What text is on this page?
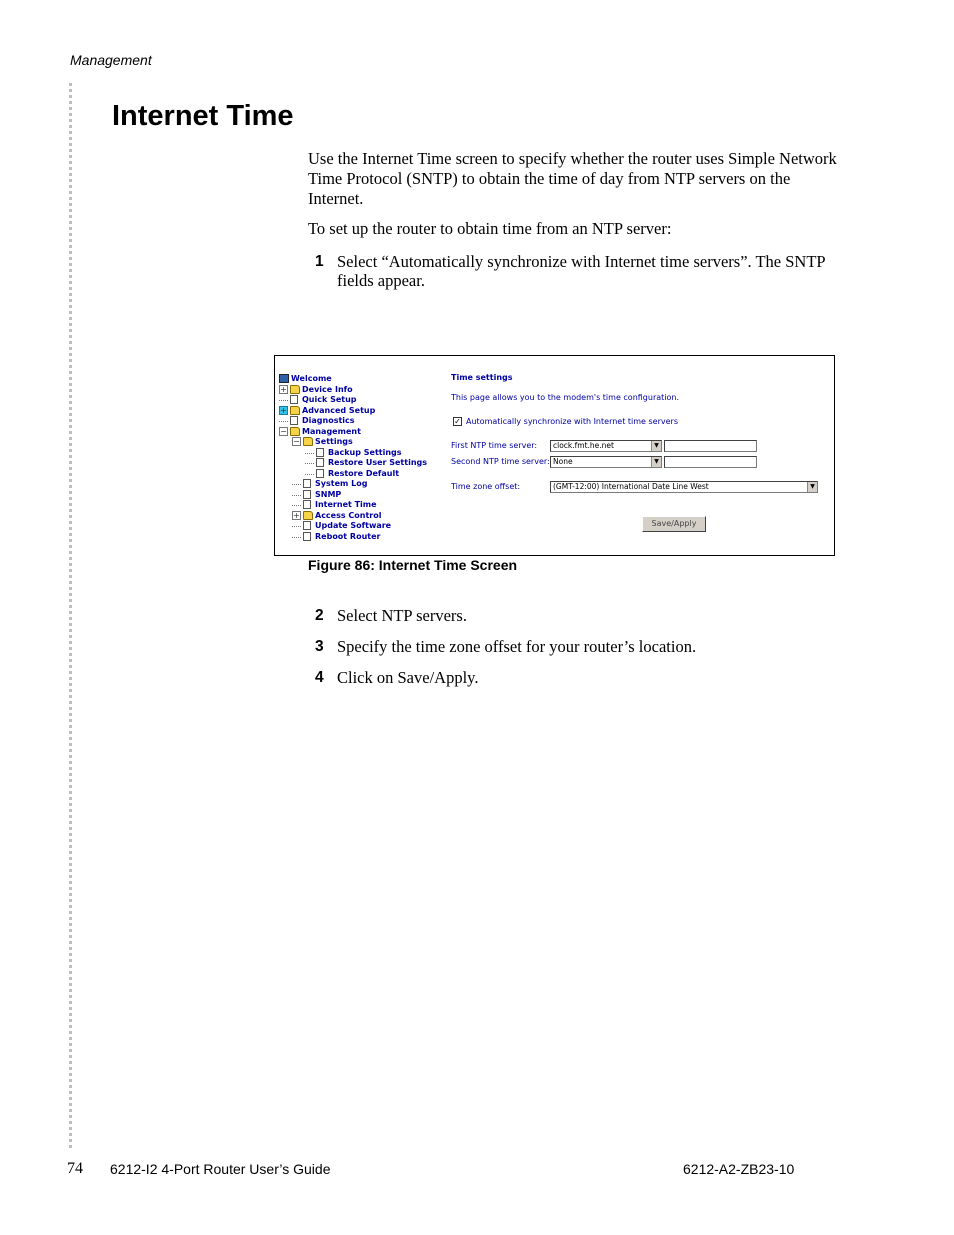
Management
Internet Time

Use the Internet Time screen to specify whether the router uses Simple Network Time Protocol (SNTP) to obtain the time of day from NTP servers on the Internet.

To set up the router to obtain time from an NTP server:

1 Select “Automatically synchronize with Internet time servers”. The SNTP fields appear.
Welcome
+ Device Info
Quick Setup
+ Advanced Setup
Diagnostics
− Management
− Settings
Backup Settings
Restore User Settings
Restore Default
System Log
SNMP
Internet Time
+ Access Control
Update Software
Reboot Router
Time settings
This page allows you to the modem's time configuration.
✓ Automatically synchronize with Internet time servers
First NTP time server:	clock.fmt.he.net	▼
Second NTP time server: None	▼
Time zone offset:	(GMT-12:00) International Date Line West	▼
Save/Apply
Figure 86: Internet Time Screen
2 Select NTP servers.
3 Specify the time zone offset for your router’s location.
4 Click on Save/Apply.
74 6212-I2 4-Port Router User’s Guide	6212-A2-ZB23-10
